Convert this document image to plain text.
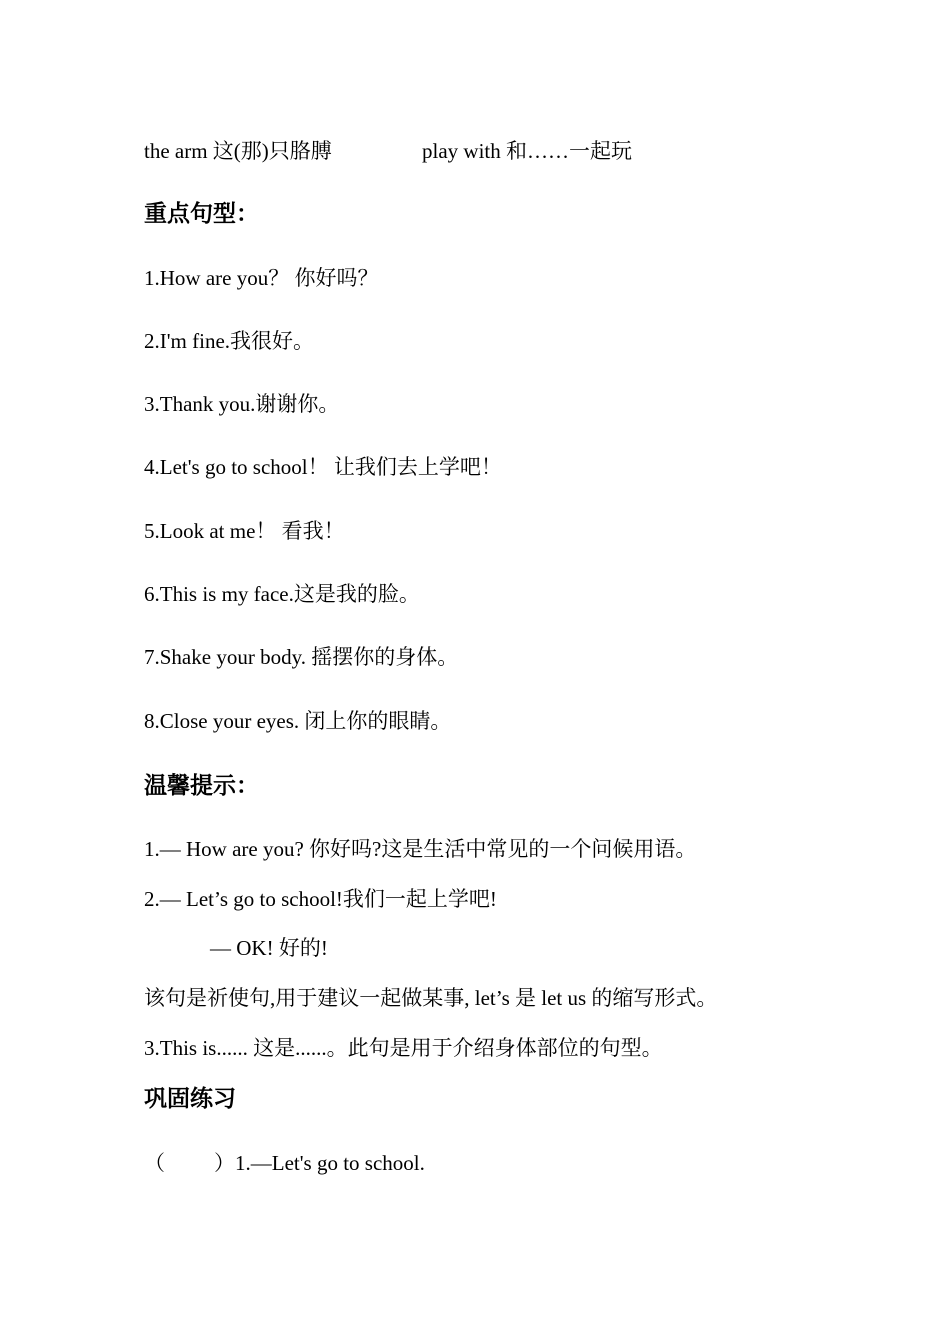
the arm 这(那)只胳膊	play with 和……一起玩
重点句型：
1.How are you？ 你好吗？
2.I'm fine.我很好。
3.Thank you.谢谢你。
4.Let's go to school！ 让我们去上学吧！
5.Look at me！ 看我！
6.This is my face.这是我的脸。
7.Shake your body. 摇摆你的身体。
8.Close your eyes. 闭上你的眼睛。
温馨提示：
1.— How are you? 你好吗?这是生活中常见的一个问候用语。
2.— Let’s go to school!我们一起上学吧!
— OK! 好的!
该句是祈使句,用于建议一起做某事, let’s 是 let us 的缩写形式。
3.This is...... 这是......。此句是用于介绍身体部位的句型。
巩固练习
（ ）1.—Let's go to school.
